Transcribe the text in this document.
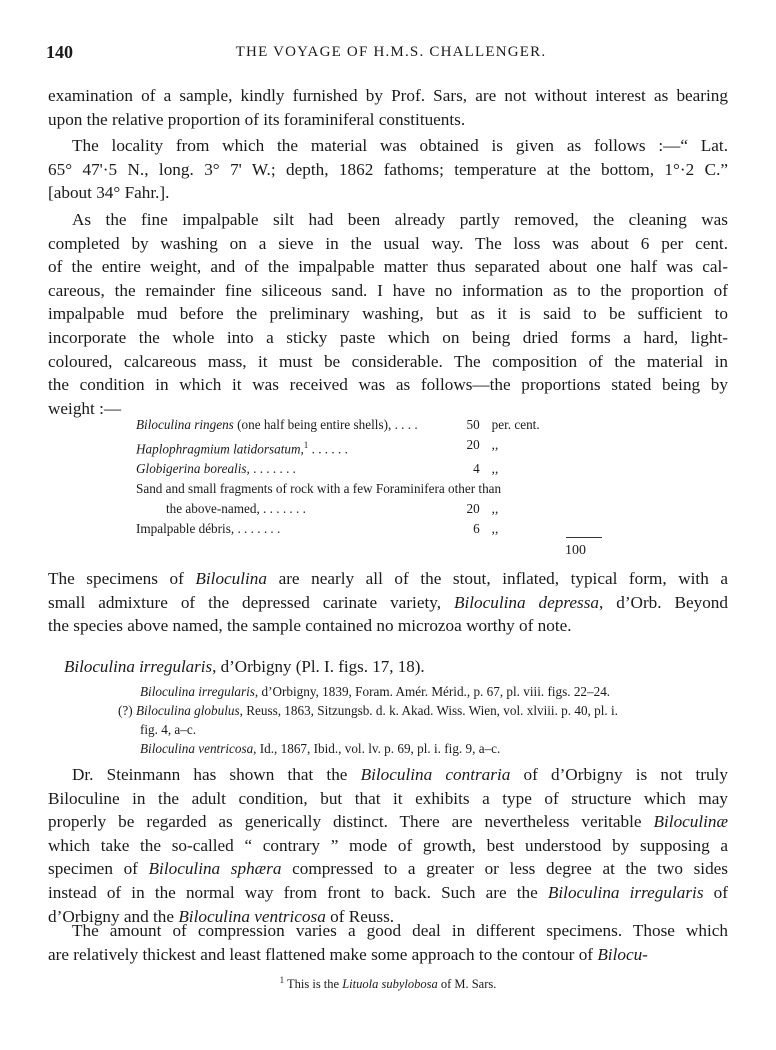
140	THE VOYAGE OF H.M.S. CHALLENGER.
examination of a sample, kindly furnished by Prof. Sars, are not without interest as bearing
upon the relative proportion of its foraminiferal constituents.
The locality from which the material was obtained is given as follows :—“ Lat.
65° 47'·5 N., long. 3° 7' W.; depth, 1862 fathoms; temperature at the bottom, 1°·2 C.”
[about 34° Fahr.].
As the fine impalpable silt had been already partly removed, the cleaning was
completed by washing on a sieve in the usual way. The loss was about 6 per cent.
of the entire weight, and of the impalpable matter thus separated about one half was cal-
careous, the remainder fine siliceous sand. I have no information as to the proportion of
impalpable mud before the preliminary washing, but as it is said to be sufficient to
incorporate the whole into a sticky paste which on being dried forms a hard, light-
coloured, calcareous mass, it must be considerable. The composition of the material in
the condition in which it was received was as follows—the proportions stated being by
weight :—
Biloculina ringens (one half being entire shells), . . . .	50	per. cent.
Haplophragmium latidorsatum,$^1$ . . . . . .	20	,,
Globigerina borealis, . . . . . . .	4	,,
Sand and small fragments of rock with a few Foraminifera other than		
the above-named, . . . . . . .	20	,,
Impalpable débris, . . . . . . .	6	,,
100
The specimens of Biloculina are nearly all of the stout, inflated, typical form, with a
small admixture of the depressed carinate variety, Biloculina depressa, d’Orb. Beyond
the species above named, the sample contained no microzoa worthy of note.
Biloculina irregularis, d’Orbigny (Pl. I. figs. 17, 18).
Biloculina irregularis, d’Orbigny, 1839, Foram. Amér. Mérid., p. 67, pl. viii. figs. 22–24.
(?) Biloculina globulus, Reuss, 1863, Sitzungsb. d. k. Akad. Wiss. Wien, vol. xlviii. p. 40, pl. i.
fig. 4, a–c.
Biloculina ventricosa, Id., 1867, Ibid., vol. lv. p. 69, pl. i. fig. 9, a–c.
Dr. Steinmann has shown that the Biloculina contraria of d’Orbigny is not truly
Biloculine in the adult condition, but that it exhibits a type of structure which may
properly be regarded as generically distinct. There are nevertheless veritable Biloculinæ
which take the so-called “ contrary ” mode of growth, best understood by supposing a
specimen of Biloculina sphæra compressed to a greater or less degree at the two sides
instead of in the normal way from front to back. Such are the Biloculina irregularis of
d’Orbigny and the Biloculina ventricosa of Reuss.
The amount of compression varies a good deal in different specimens. Those which
are relatively thickest and least flattened make some approach to the contour of Bilocu-
$^1$ This is the Lituola subylobosa of M. Sars.
